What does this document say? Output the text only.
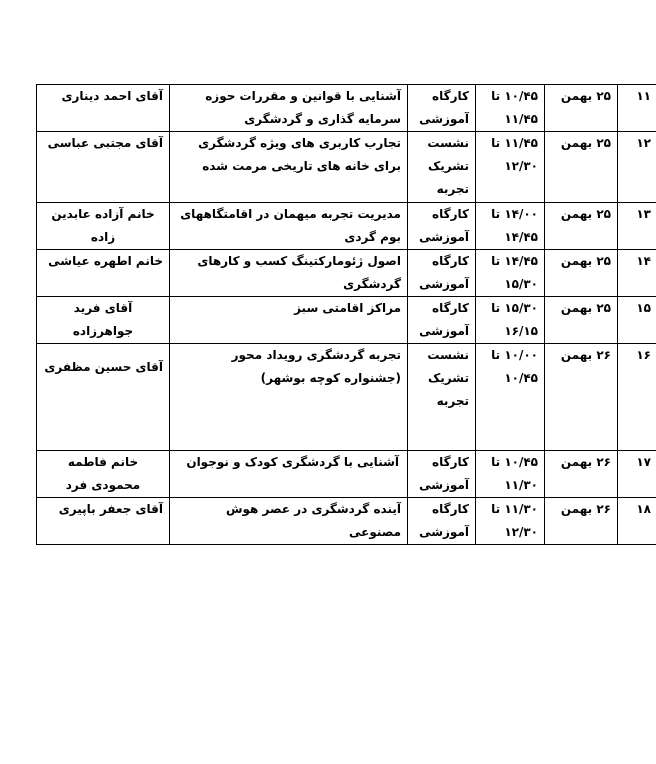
۱۱	۲۵ بهمن	۱۰/۴۵ تا ۱۱/۴۵	کارگاه آموزشی	آشنایی با قوانین و مقررات حوزه سرمایه گذاری و گردشگری	آقای احمد دیناری
۱۲	۲۵ بهمن	۱۱/۴۵ تا ۱۲/۳۰	نشست تشریک تجربه	تجارب کاربری های ویژه گردشگری برای خانه های تاریخی مرمت شده	آقای مجتبی عباسی
۱۳	۲۵ بهمن	۱۴/۰۰ تا ۱۴/۴۵	کارگاه آموزشی	مدیریت تجربه میهمان در اقامتگاههای بوم گردی	خانم آزاده عابدین زاده
۱۴	۲۵ بهمن	۱۴/۴۵ تا ۱۵/۳۰	کارگاه آموزشی	اصول ژئومارکتینگ کسب و کارهای گردشگری	خانم اطهره عیاشی
۱۵	۲۵ بهمن	۱۵/۳۰ تا ۱۶/۱۵	کارگاه آموزشی	مراکز اقامتی سبز	آقای فرید جواهرزاده
۱۶	۲۶ بهمن	۱۰/۰۰ تا ۱۰/۴۵	نشست تشریک تجربه	تجربه گردشگری رویداد محور (جشنواره کوچه بوشهر)	آقای حسین مظفری
۱۷	۲۶ بهمن	۱۰/۴۵ تا ۱۱/۳۰	کارگاه آموزشی	آشنایی با گردشگری کودک و نوجوان	خانم فاطمه محمودی فرد
۱۸	۲۶ بهمن	۱۱/۳۰ تا ۱۲/۳۰	کارگاه آموزشی	آینده گردشگری در عصر هوش مصنوعی	آقای جعفر باپیری
